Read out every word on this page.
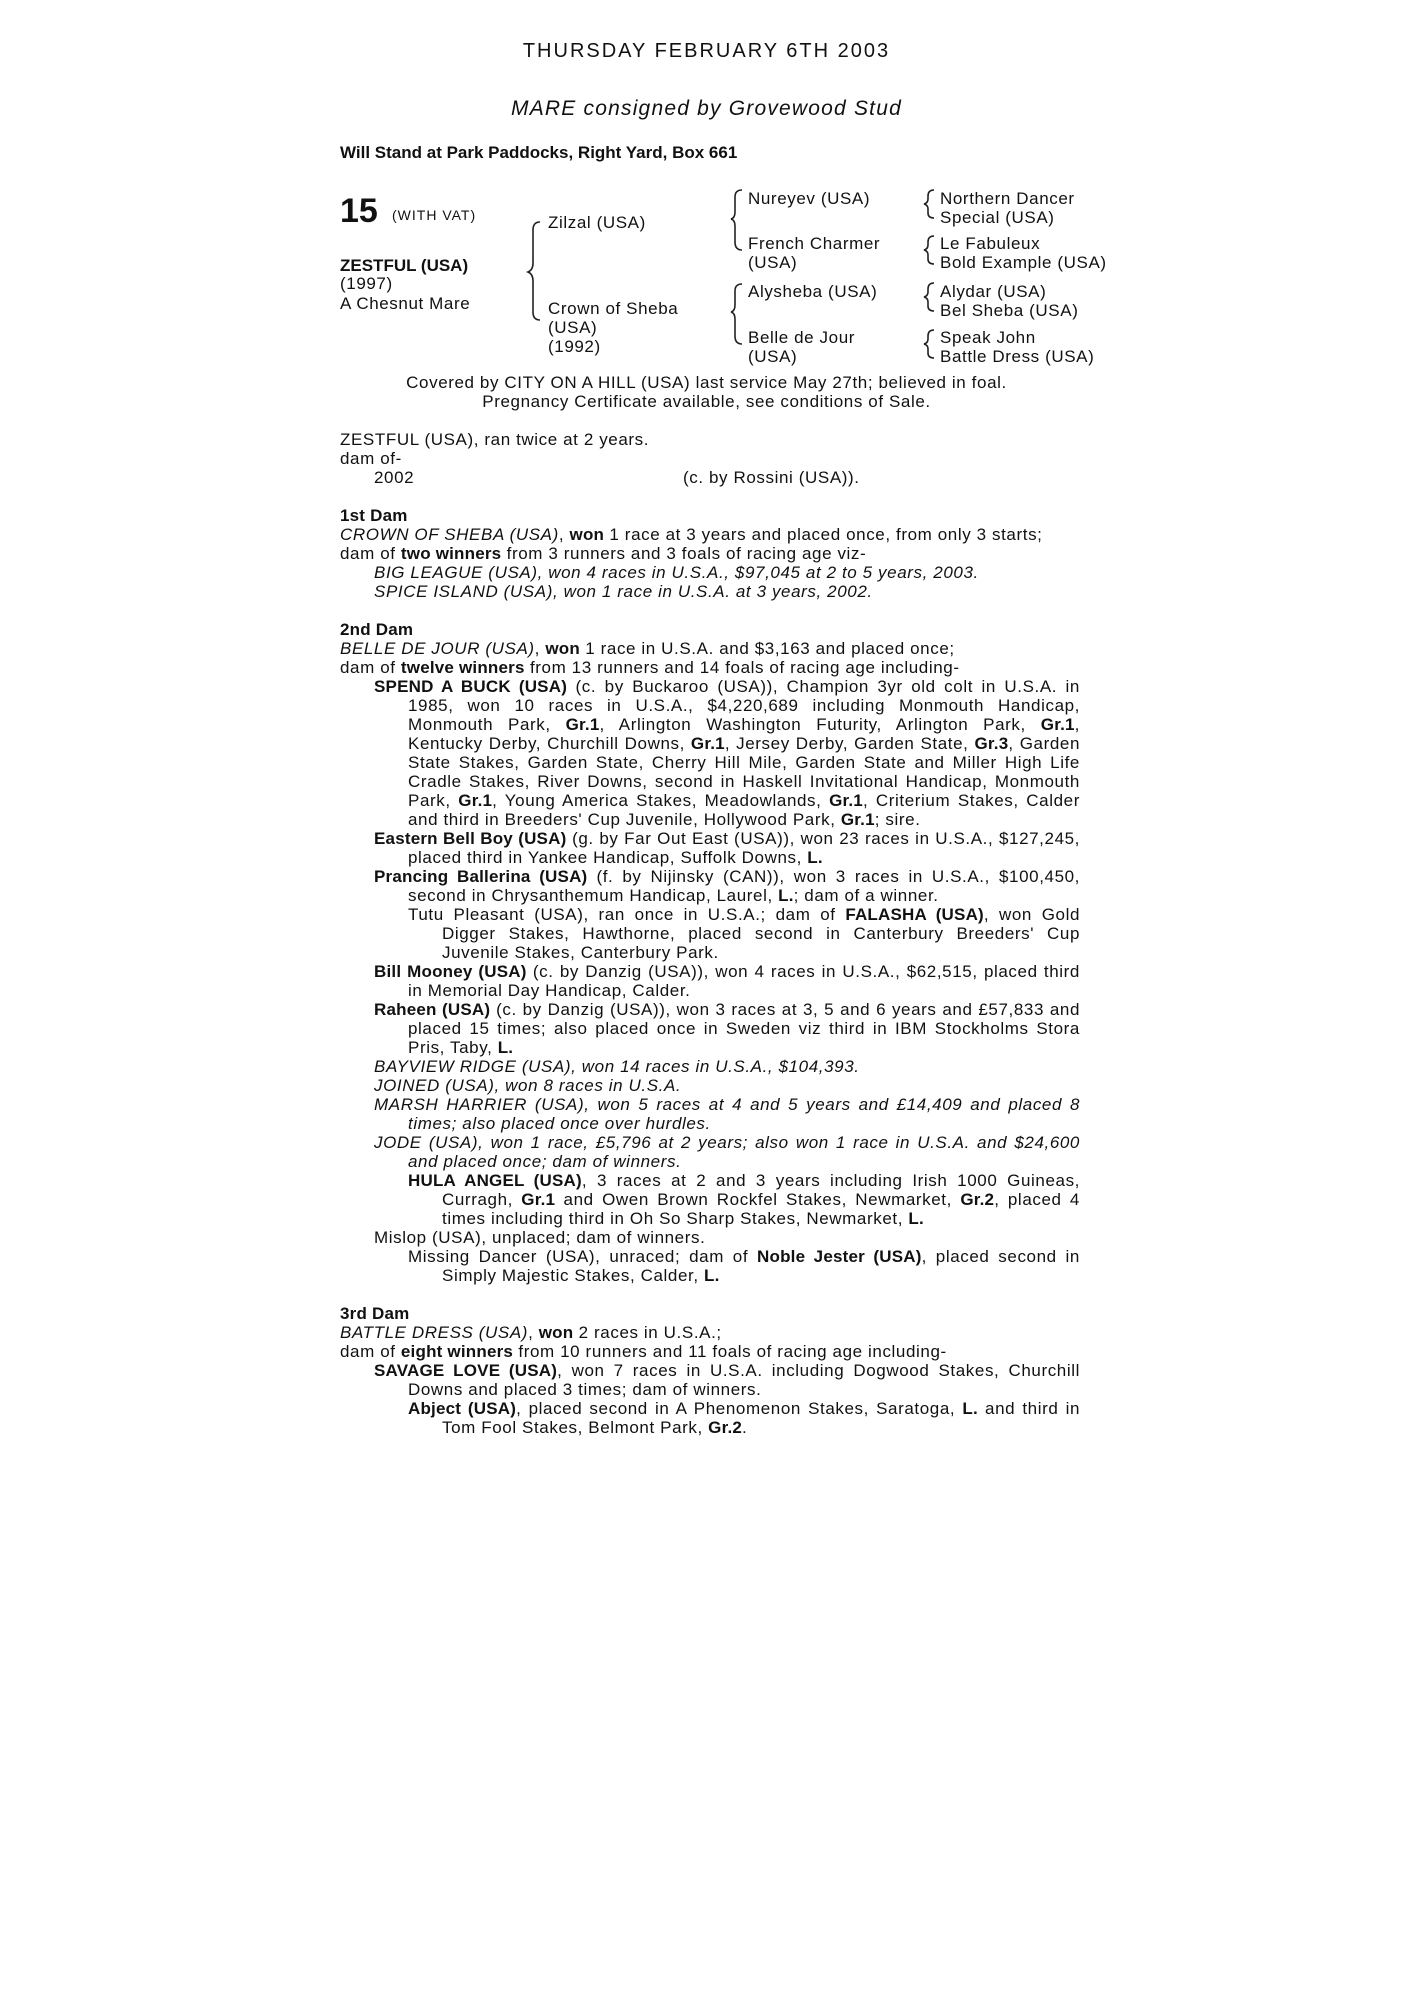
THURSDAY FEBRUARY 6TH 2003
MARE consigned by Grovewood Stud
Will Stand at Park Paddocks, Right Yard, Box 661
15 (WITH VAT)
ZESTFUL (USA)
(1997)
A Chesnut Mare
Zilzal (USA)
Crown of Sheba
(USA)
(1992)
Nureyev (USA)
French Charmer
(USA)
Alysheba (USA)
Belle de Jour
(USA)
Northern Dancer
Special (USA)
Le Fabuleux
Bold Example (USA)
Alydar (USA)
Bel Sheba (USA)
Speak John
Battle Dress (USA)
Covered by CITY ON A HILL (USA) last service May 27th; believed in foal.
Pregnancy Certificate available, see conditions of Sale.
ZESTFUL (USA), ran twice at 2 years.
dam of-
2002	(c. by Rossini (USA)).
1st Dam
CROWN OF SHEBA (USA), won 1 race at 3 years and placed once, from only 3 starts;
dam of two winners from 3 runners and 3 foals of racing age viz-
BIG LEAGUE (USA), won 4 races in U.S.A., $97,045 at 2 to 5 years, 2003.
SPICE ISLAND (USA), won 1 race in U.S.A. at 3 years, 2002.
2nd Dam
BELLE DE JOUR (USA), won 1 race in U.S.A. and $3,163 and placed once;
dam of twelve winners from 13 runners and 14 foals of racing age including-
SPEND A BUCK (USA) (c. by Buckaroo (USA)), Champion 3yr old colt in U.S.A. in 1985, won 10 races in U.S.A., $4,220,689 including Monmouth Handicap, Monmouth Park, Gr.1, Arlington Washington Futurity, Arlington Park, Gr.1, Kentucky Derby, Churchill Downs, Gr.1, Jersey Derby, Garden State, Gr.3, Garden State Stakes, Garden State, Cherry Hill Mile, Garden State and Miller High Life Cradle Stakes, River Downs, second in Haskell Invitational Handicap, Monmouth Park, Gr.1, Young America Stakes, Meadowlands, Gr.1, Criterium Stakes, Calder and third in Breeders' Cup Juvenile, Hollywood Park, Gr.1; sire.
Eastern Bell Boy (USA) (g. by Far Out East (USA)), won 23 races in U.S.A., $127,245, placed third in Yankee Handicap, Suffolk Downs, L.
Prancing Ballerina (USA) (f. by Nijinsky (CAN)), won 3 races in U.S.A., $100,450, second in Chrysanthemum Handicap, Laurel, L.; dam of a winner.
Tutu Pleasant (USA), ran once in U.S.A.; dam of FALASHA (USA), won Gold Digger Stakes, Hawthorne, placed second in Canterbury Breeders' Cup Juvenile Stakes, Canterbury Park.
Bill Mooney (USA) (c. by Danzig (USA)), won 4 races in U.S.A., $62,515, placed third in Memorial Day Handicap, Calder.
Raheen (USA) (c. by Danzig (USA)), won 3 races at 3, 5 and 6 years and £57,833 and placed 15 times; also placed once in Sweden viz third in IBM Stockholms Stora Pris, Taby, L.
BAYVIEW RIDGE (USA), won 14 races in U.S.A., $104,393.
JOINED (USA), won 8 races in U.S.A.
MARSH HARRIER (USA), won 5 races at 4 and 5 years and £14,409 and placed 8 times; also placed once over hurdles.
JODE (USA), won 1 race, £5,796 at 2 years; also won 1 race in U.S.A. and $24,600 and placed once; dam of winners.
HULA ANGEL (USA), 3 races at 2 and 3 years including Irish 1000 Guineas, Curragh, Gr.1 and Owen Brown Rockfel Stakes, Newmarket, Gr.2, placed 4 times including third in Oh So Sharp Stakes, Newmarket, L.
Mislop (USA), unplaced; dam of winners.
Missing Dancer (USA), unraced; dam of Noble Jester (USA), placed second in Simply Majestic Stakes, Calder, L.
3rd Dam
BATTLE DRESS (USA), won 2 races in U.S.A.;
dam of eight winners from 10 runners and 11 foals of racing age including-
SAVAGE LOVE (USA), won 7 races in U.S.A. including Dogwood Stakes, Churchill Downs and placed 3 times; dam of winners.
Abject (USA), placed second in A Phenomenon Stakes, Saratoga, L. and third in Tom Fool Stakes, Belmont Park, Gr.2.
